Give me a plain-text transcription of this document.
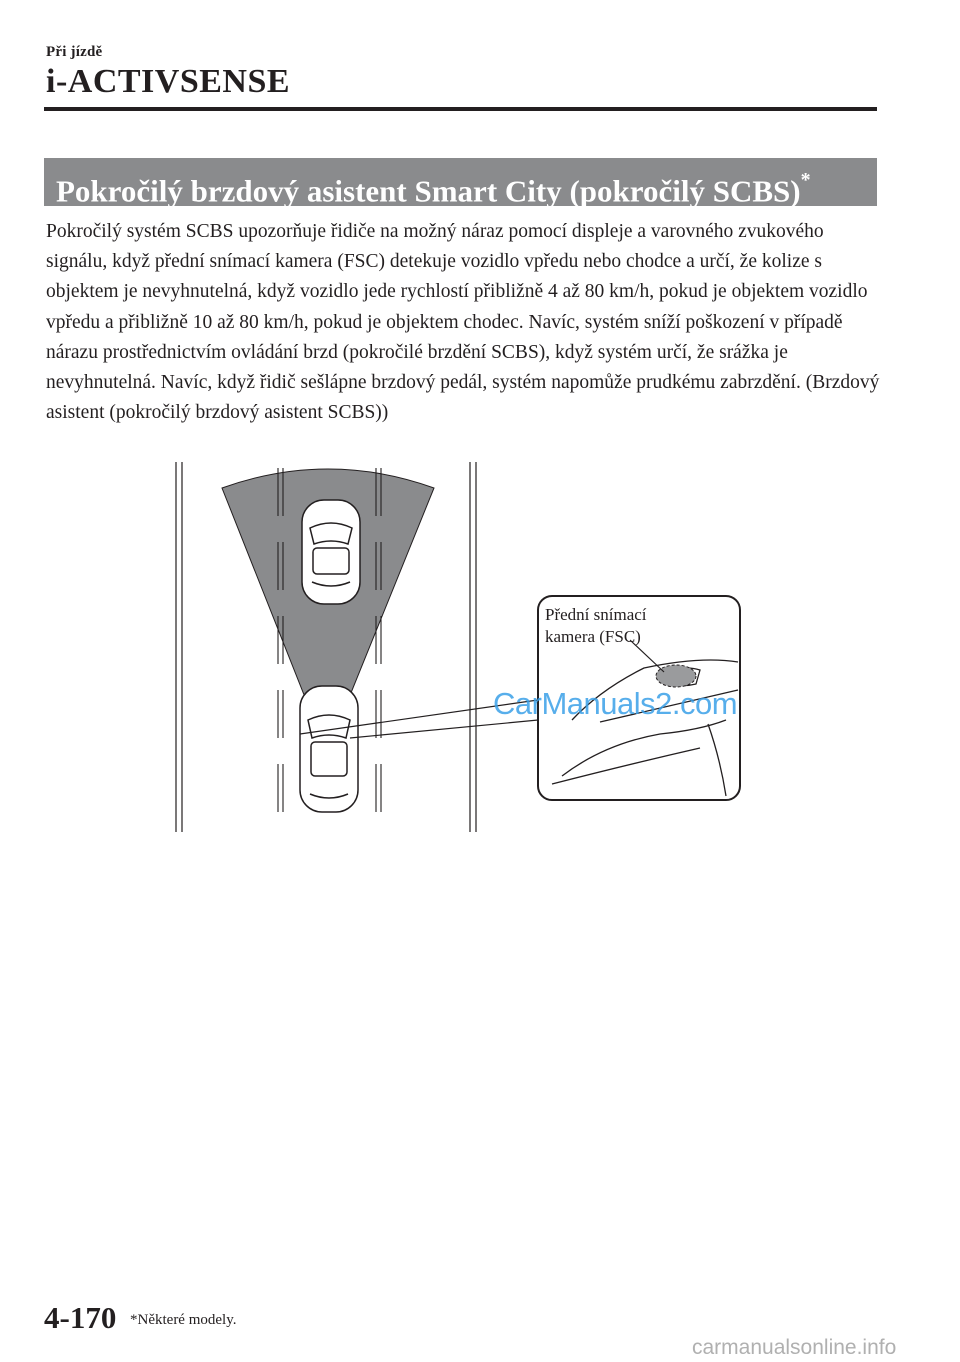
Při jízdě
i-ACTIVSENSE
Pokročilý brzdový asistent Smart City (pokročilý SCBS)*
Pokročilý systém SCBS upozorňuje řidiče na možný náraz pomocí displeje a varovného zvukového signálu, když přední snímací kamera (FSC) detekuje vozidlo vpředu nebo chodce a určí, že kolize s objektem je nevyhnutelná, když vozidlo jede rychlostí přibližně 4 až 80 km/h, pokud je objektem vozidlo vpředu a přibližně 10 až 80 km/h, pokud je objektem chodec. Navíc, systém sníží poškození v případě nárazu prostřednictvím ovládání brzd (pokročilé brzdění SCBS), když systém určí, že srážka je nevyhnutelná. Navíc, když řidič sešlápne brzdový pedál, systém napomůže prudkému zabrzdění. (Brzdový asistent (pokročilý brzdový asistent SCBS))
Přední snímací
kamera (FSC)
CarManuals2.com
4-170 *Některé modely.
carmanualsonline.info
